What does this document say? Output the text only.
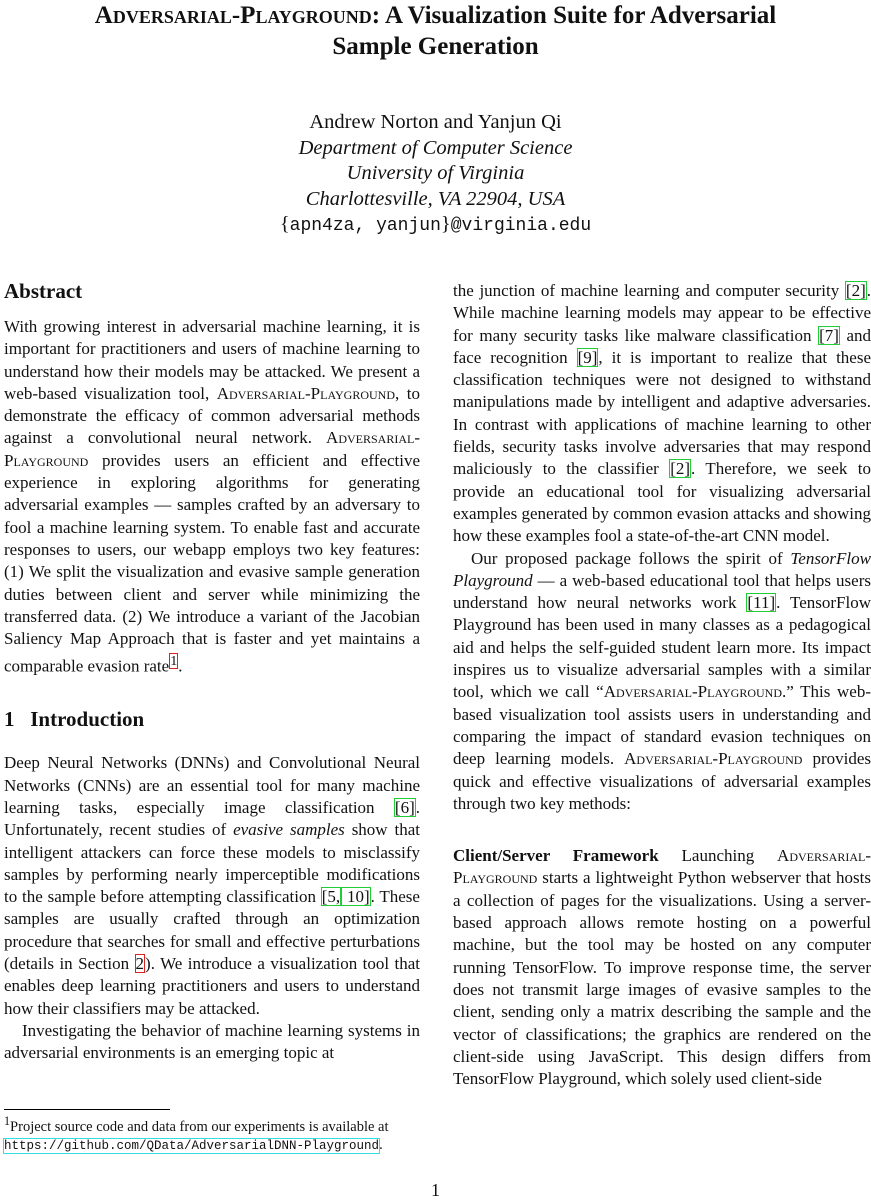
Adversarial-Playground: A Visualization Suite for Adversarial
Sample Generation
Andrew Norton and Yanjun Qi
Department of Computer Science
University of Virginia
Charlottesville, VA 22904, USA
{apn4za, yanjun}@virginia.edu
Abstract

With growing interest in adversarial machine learning, it is important for practitioners and users of machine learning to understand how their models may be attacked. We present a web-based visualization tool, Adversarial-Playground, to demonstrate the efficacy of common adversarial methods against a convolutional neural network. Adversarial-Playground provides users an efficient and effective experience in exploring algorithms for generating adversarial examples — samples crafted by an adversary to fool a machine learning system. To enable fast and accurate responses to users, our webapp employs two key features: (1) We split the visualization and evasive sample generation duties between client and server while minimizing the transferred data. (2) We introduce a variant of the Jacobian Saliency Map Approach that is faster and yet maintains a comparable evasion rate$^1$.

1 Introduction

Deep Neural Networks (DNNs) and Convolutional Neural Networks (CNNs) are an essential tool for many machine learning tasks, especially image classification [6]. Unfortunately, recent studies of evasive samples show that intelligent attackers can force these models to misclassify samples by performing nearly imperceptible modifications to the sample before attempting classification [5, 10]. These samples are usually crafted through an optimization procedure that searches for small and effective perturbations (details in Section 2). We introduce a visualization tool that enables deep learning practitioners and users to understand how their classifiers may be attacked.

Investigating the behavior of machine learning systems in adversarial environments is an emerging topic at

the junction of machine learning and computer security [2]. While machine learning models may appear to be effective for many security tasks like malware classification [7] and face recognition [9], it is important to realize that these classification techniques were not designed to withstand manipulations made by intelligent and adaptive adversaries. In contrast with applications of machine learning to other fields, security tasks involve adversaries that may respond maliciously to the classifier [2]. Therefore, we seek to provide an educational tool for visualizing adversarial examples generated by common evasion attacks and showing how these examples fool a state-of-the-art CNN model.

Our proposed package follows the spirit of TensorFlow Playground — a web-based educational tool that helps users understand how neural networks work [11]. TensorFlow Playground has been used in many classes as a pedagogical aid and helps the self-guided student learn more. Its impact inspires us to visualize adversarial samples with a similar tool, which we call “Adversarial-Playground.” This web-based visualization tool assists users in understanding and comparing the impact of standard evasion techniques on deep learning models. Adversarial-Playground provides quick and effective visualizations of adversarial examples through two key methods:

Client/Server Framework Launching Adversarial-Playground starts a lightweight Python webserver that hosts a collection of pages for the visualizations. Using a server-based approach allows remote hosting on a powerful machine, but the tool may be hosted on any computer running TensorFlow. To improve response time, the server does not transmit large images of evasive samples to the client, sending only a matrix describing the sample and the vector of classifications; the graphics are rendered on the client-side using JavaScript. This design differs from TensorFlow Playground, which solely used client-side

$^1$Project source code and data from our experiments is available at https://github.com/QData/AdversarialDNN-Playground.
1
